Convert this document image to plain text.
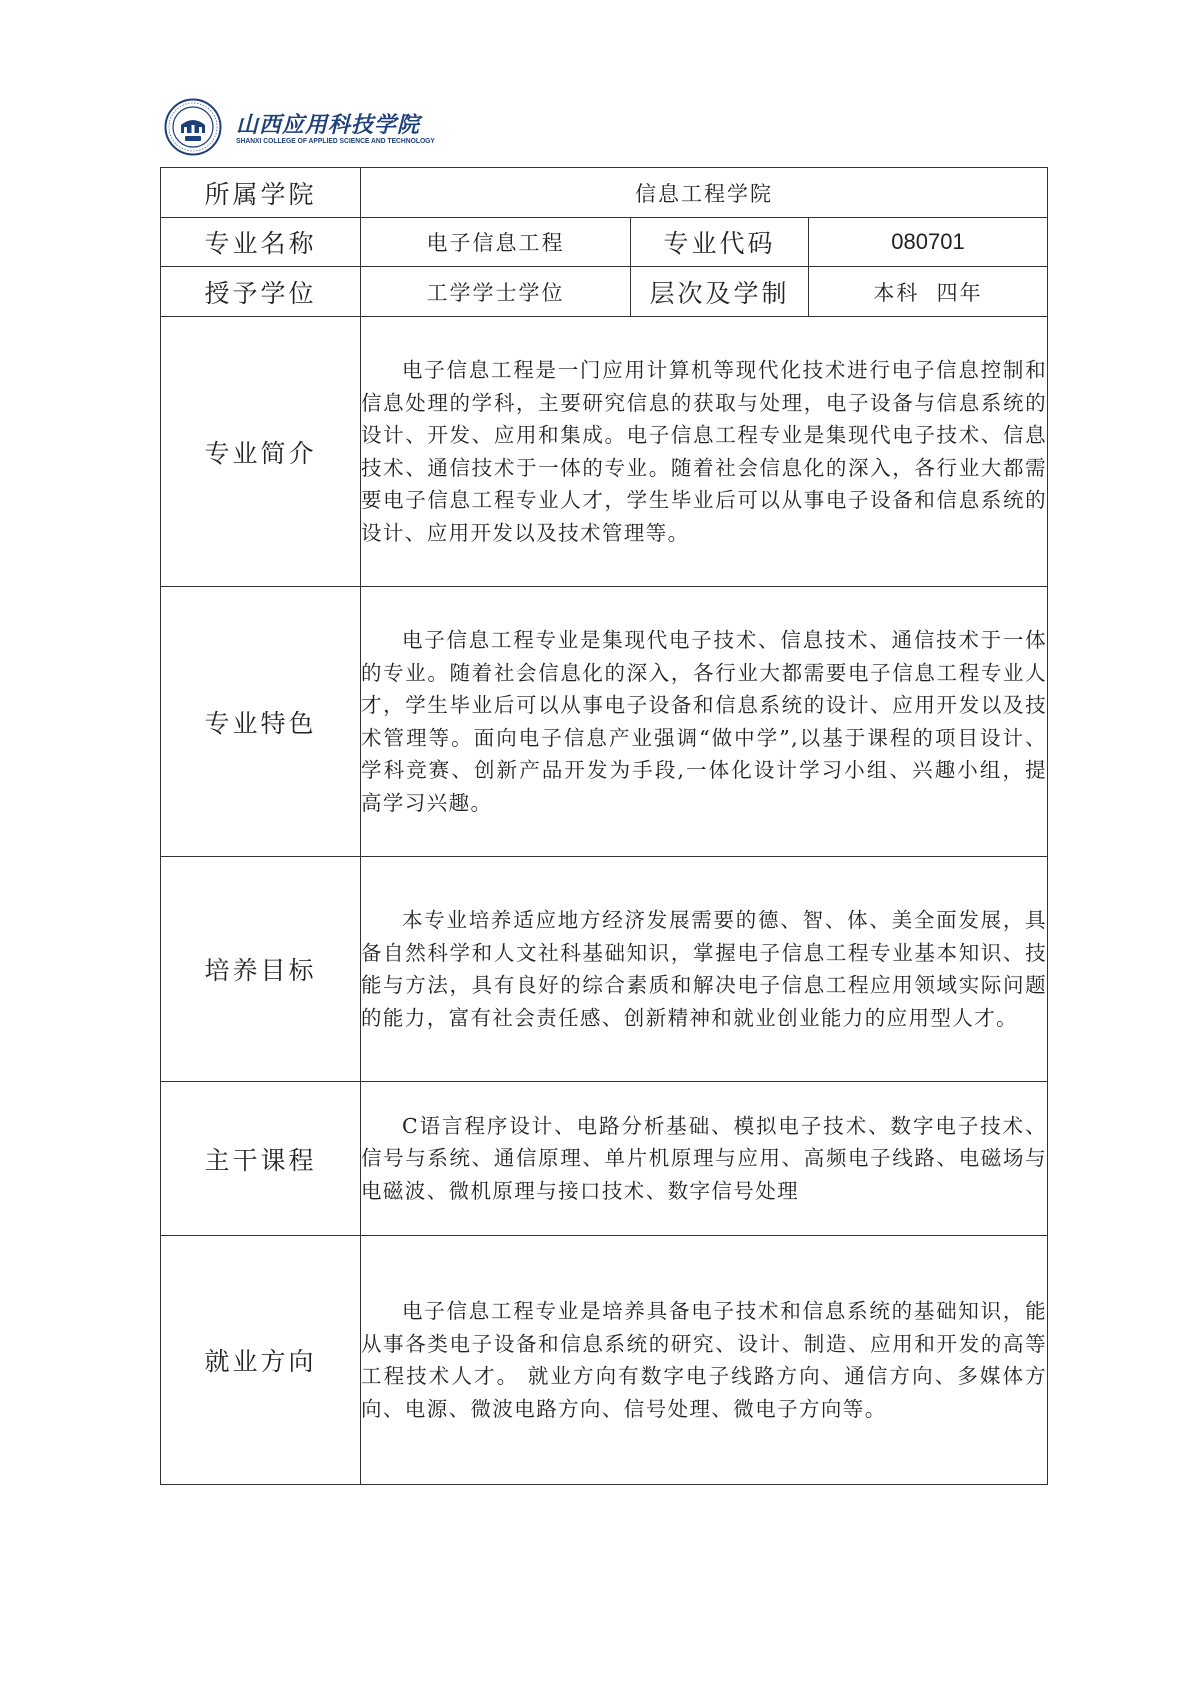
山西应用科技学院
SHANXI COLLEGE OF APPLIED SCIENCE AND TECHNOLOGY
所属学院	信息工程学院		
专业名称	电子信息工程	专业代码	080701
授予学位	工学学士学位	层次及学制	本科  四年
专业简介	电子信息工程是一门应用计算机等现代化技术进行电子信息控制和信息处理的学科，主要研究信息的获取与处理，电子设备与信息系统的设计、开发、应用和集成。电子信息工程专业是集现代电子技术、信息技术、通信技术于一体的专业。随着社会信息化的深入，各行业大都需要电子信息工程专业人才，学生毕业后可以从事电子设备和信息系统的设计、应用开发以及技术管理等。		
专业特色	电子信息工程专业是集现代电子技术、信息技术、通信技术于一体的专业。随着社会信息化的深入，各行业大都需要电子信息工程专业人才，学生毕业后可以从事电子设备和信息系统的设计、应用开发以及技术管理等。面向电子信息产业强调“做中学”,以基于课程的项目设计、学科竞赛、创新产品开发为手段,一体化设计学习小组、兴趣小组，提高学习兴趣。		
培养目标	本专业培养适应地方经济发展需要的德、智、体、美全面发展，具备自然科学和人文社科基础知识，掌握电子信息工程专业基本知识、技能与方法，具有良好的综合素质和解决电子信息工程应用领域实际问题的能力，富有社会责任感、创新精神和就业创业能力的应用型人才。		
主干课程	C语言程序设计、电路分析基础、模拟电子技术、数字电子技术、信号与系统、通信原理、单片机原理与应用、高频电子线路、电磁场与电磁波、微机原理与接口技术、数字信号处理		
就业方向	电子信息工程专业是培养具备电子技术和信息系统的基础知识，能从事各类电子设备和信息系统的研究、设计、制造、应用和开发的高等工程技术人才。 就业方向有数字电子线路方向、通信方向、多媒体方向、电源、微波电路方向、信号处理、微电子方向等。		
